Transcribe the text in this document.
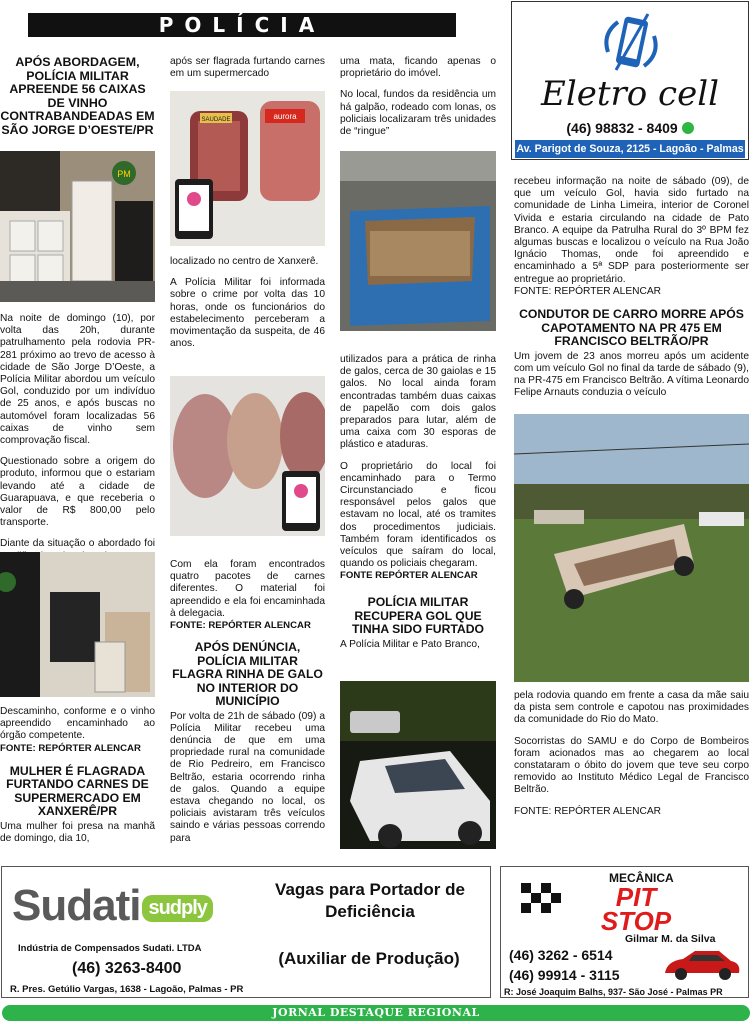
POLÍCIA
Eletro cell
(46) 98832 - 8409
Av. Parigot de Souza, 2125 - Lagoão - Palmas PR
APÓS ABORDAGEM, POLÍCIA MILITAR APREENDE 56 CAIXAS DE VINHO CONTRABANDEADAS EM SÃO JORGE D’OESTE/PR
PM

Na noite de domingo (10), por volta das 20h, durante patrulhamento pela rodovia PR-281 próximo ao trevo de acesso à cidade de São Jorge D’Oeste, a Polícia Militar abordou um veículo Gol, conduzido por um indivíduo de 25 anos, e após buscas no automóvel foram localizadas 56 caixas de vinho sem comprovação fiscal.

Questionado sobre a origem do produto, informou que o estariam levando até a cidade de Guarapuava, e que receberia o valor de R$ 800,00 pelo transporte.

Diante da situação o abordado foi

Descaminho, conforme e o vinho apreendido encaminhado ao órgão competente.

FONTE: REPÓRTER ALENCAR
MULHER É FLAGRADA FURTANDO CARNES DE SUPERMERCADO EM XANXERÊ/PR

Uma mulher foi presa na manhã de domingo, dia 10,

após ser flagrada furtando carnes em um supermercado

aurora
SAUDADE

localizado no centro de Xanxerê.

A Polícia Militar foi informada sobre o crime por volta das 10 horas, onde os funcionários do estabelecimento perceberam a movimentação da suspeita, de 46 anos.

Com ela foram encontrados quatro pacotes de carnes diferentes. O material foi apreendido e ela foi encaminhada à delegacia.

FONTE: REPÓRTER ALENCAR
APÓS DENÚNCIA, POLÍCIA MILITAR FLAGRA RINHA DE GALO NO INTERIOR DO MUNICÍPIO

Por volta de 21h de sábado (09) a Polícia Militar recebeu uma denúncia de que em uma propriedade rural na comunidade de Rio Pedreiro, em Francisco Beltrão, estaria ocorrendo rinha de galos. Quando a equipe estava chegando no local, os policiais avistaram três veículos saindo e várias pessoas correndo para

uma mata, ficando apenas o proprietário do imóvel.

No local, fundos da residência um há galpão, rodeado com lonas, os policiais localizaram três unidades de “ringue”

utilizados para a prática de rinha de galos, cerca de 30 gaiolas e 15 galos. No local ainda foram encontradas também duas caixas de papelão com dois galos preparados para lutar, além de uma caixa com 30 esporas de plástico e ataduras.

O proprietário do local foi encaminhado para o Termo Circunstanciado e ficou responsável pelos galos que estavam no local, até os tramites dos procedimentos judiciais. Também foram identificados os veículos que saíram do local, quando os policiais chegaram.

FONTE REPÓRTER ALENCAR
POLÍCIA MILITAR RECUPERA GOL QUE TINHA SIDO FURTADO

A Polícia Militar e Pato Branco,

recebeu informação na noite de sábado (09), de que um veículo Gol, havia sido furtado na comunidade de Linha Limeira, interior de Coronel Vivida e estaria circulando na cidade de Pato Branco. A equipe da Patrulha Rural do 3º BPM fez algumas buscas e localizou o veículo na Rua João Ignácio Thomas, onde foi apreendido e encaminhado a 5ª SDP para posteriormente ser entregue ao proprietário.

FONTE: REPÓRTER ALENCAR
CONDUTOR DE CARRO MORRE APÓS CAPOTAMENTO NA PR 475 EM FRANCISCO BELTRÃO/PR

Um jovem de 23 anos morreu após um acidente com um veículo Gol no final da tarde de sábado (9), na PR-475 em Francisco Beltrão. A vítima Leonardo Felipe Arnauts conduzia o veículo

pela rodovia quando em frente a casa da mãe saiu da pista sem controle e capotou nas proximidades da comunidade do Rio do Mato.

Socorristas do SAMU e do Corpo de Bombeiros foram acionados mas ao chegarem ao local constataram o óbito do jovem que teve seu corpo removido ao Instituto Médico Legal de Francisco Beltrão.

FONTE: REPÓRTER ALENCAR
Sudati sudply
Indústria de Compensados Sudati. LTDA
(46) 3263-8400
R. Pres. Getúlio Vargas, 1638 - Lagoão, Palmas - PR
Vagas para Portador de Deficiência
(Auxiliar de Produção)
MECÂNICA
PIT
STOP
Gilmar M. da Silva
(46) 3262 - 6514
(46) 99914 - 3115
R: José Joaquim Balhs, 937- São José - Palmas PR
JORNAL DESTAQUE REGIONAL
